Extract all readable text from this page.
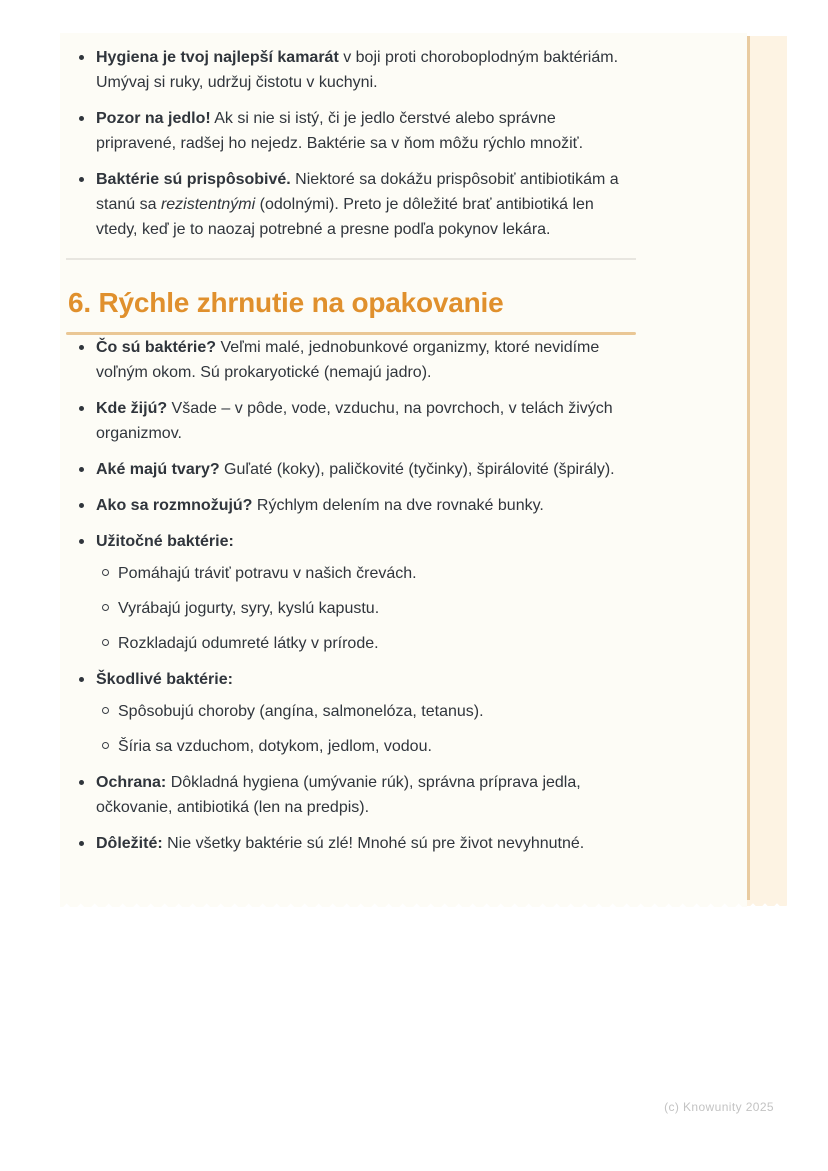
Hygiena je tvoj najlepší kamarát v boji proti choroboplodným baktériám. Umývaj si ruky, udržuj čistotu v kuchyni.
Pozor na jedlo! Ak si nie si istý, či je jedlo čerstvé alebo správne pripravené, radšej ho nejedz. Baktérie sa v ňom môžu rýchlo množiť.
Baktérie sú prispôsobivé. Niektoré sa dokážu prispôsobiť antibiotikám a stanú sa rezistentnými (odolnými). Preto je dôležité brať antibiotiká len vtedy, keď je to naozaj potrebné a presne podľa pokynov lekára.
6. Rýchle zhrnutie na opakovanie
Čo sú baktérie? Veľmi malé, jednobunkové organizmy, ktoré nevidíme voľným okom. Sú prokaryotické (nemajú jadro).
Kde žijú? Všade – v pôde, vode, vzduchu, na povrchoch, v telách živých organizmov.
Aké majú tvary? Guľaté (koky), paličkovité (tyčinky), špirálovité (špirály).
Ako sa rozmnožujú? Rýchlym delením na dve rovnaké bunky.
Užitočné baktérie:
Pomáhajú tráviť potravu v našich črevách.
Vyrábajú jogurty, syry, kyslú kapustu.
Rozkladajú odumreté látky v prírode.
Škodlivé baktérie:
Spôsobujú choroby (angína, salmonelóza, tetanus).
Šíria sa vzduchom, dotykom, jedlom, vodou.
Ochrana: Dôkladná hygiena (umývanie rúk), správna príprava jedla, očkovanie, antibiotiká (len na predpis).
Dôležité: Nie všetky baktérie sú zlé! Mnohé sú pre život nevyhnutné.
(c) Knowunity 2025
